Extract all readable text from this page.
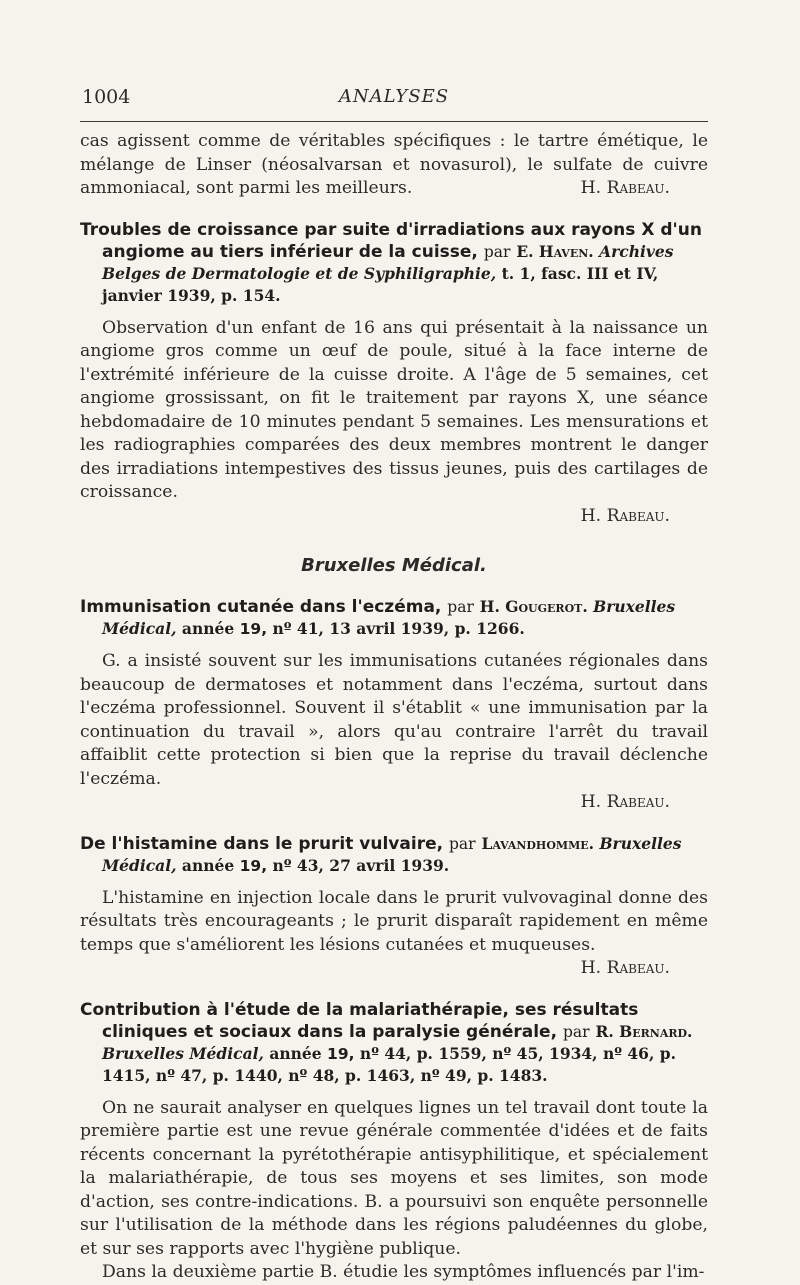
1004	ANALYSES

cas agissent comme de véritables spécifiques : le tartre émétique, le mélange de Linser (néosalvarsan et novasurol), le sulfate de cuivre ammoniacal, sont parmi les meilleurs.	H. Rabeau.

Troubles de croissance par suite d'irradiations aux rayons X d'un angiome au tiers inférieur de la cuisse, par E. Haven. Archives Belges de Dermatologie et de Syphiligraphie, t. 1, fasc. III et IV, janvier 1939, p. 154.

Observation d'un enfant de 16 ans qui présentait à la naissance un angiome gros comme un œuf de poule, situé à la face interne de l'extrémité inférieure de la cuisse droite. A l'âge de 5 semaines, cet angiome grossissant, on fit le traitement par rayons X, une séance hebdomadaire de 10 minutes pendant 5 semaines. Les mensurations et les radiographies comparées des deux membres montrent le danger des irradiations intempestives des tissus jeunes, puis des cartilages de croissance.

H. Rabeau.
Bruxelles Médical.

Immunisation cutanée dans l'eczéma, par H. Gougerot. Bruxelles Médical, année 19, nº 41, 13 avril 1939, p. 1266.

G. a insisté souvent sur les immunisations cutanées régionales dans beaucoup de dermatoses et notamment dans l'eczéma, surtout dans l'eczéma professionnel. Souvent il s'établit « une immunisation par la continuation du travail », alors qu'au contraire l'arrêt du travail affaiblit cette protection si bien que la reprise du travail déclenche l'eczéma.

H. Rabeau.

De l'histamine dans le prurit vulvaire, par Lavandhomme. Bruxelles Médical, année 19, nº 43, 27 avril 1939.

L'histamine en injection locale dans le prurit vulvovaginal donne des résultats très encourageants ; le prurit disparaît rapidement en même temps que s'améliorent les lésions cutanées et muqueuses.

H. Rabeau.

Contribution à l'étude de la malariathérapie, ses résultats cliniques et sociaux dans la paralysie générale, par R. Bernard. Bruxelles Médical, année 19, nº 44, p. 1559, nº 45, 1934, nº 46, p. 1415, nº 47, p. 1440, nº 48, p. 1463, nº 49, p. 1483.

On ne saurait analyser en quelques lignes un tel travail dont toute la première partie est une revue générale commentée d'idées et de faits récents concernant la pyrétothérapie antisyphilitique, et spécialement la malariathérapie, de tous ses moyens et ses limites, son mode d'action, ses contre-indications. B. a poursuivi son enquête personnelle sur l'utilisation de la méthode dans les régions paludéennes du globe, et sur ses rapports avec l'hygiène publique.

Dans la deuxième partie B. étudie les symptômes influencés par l'im-
